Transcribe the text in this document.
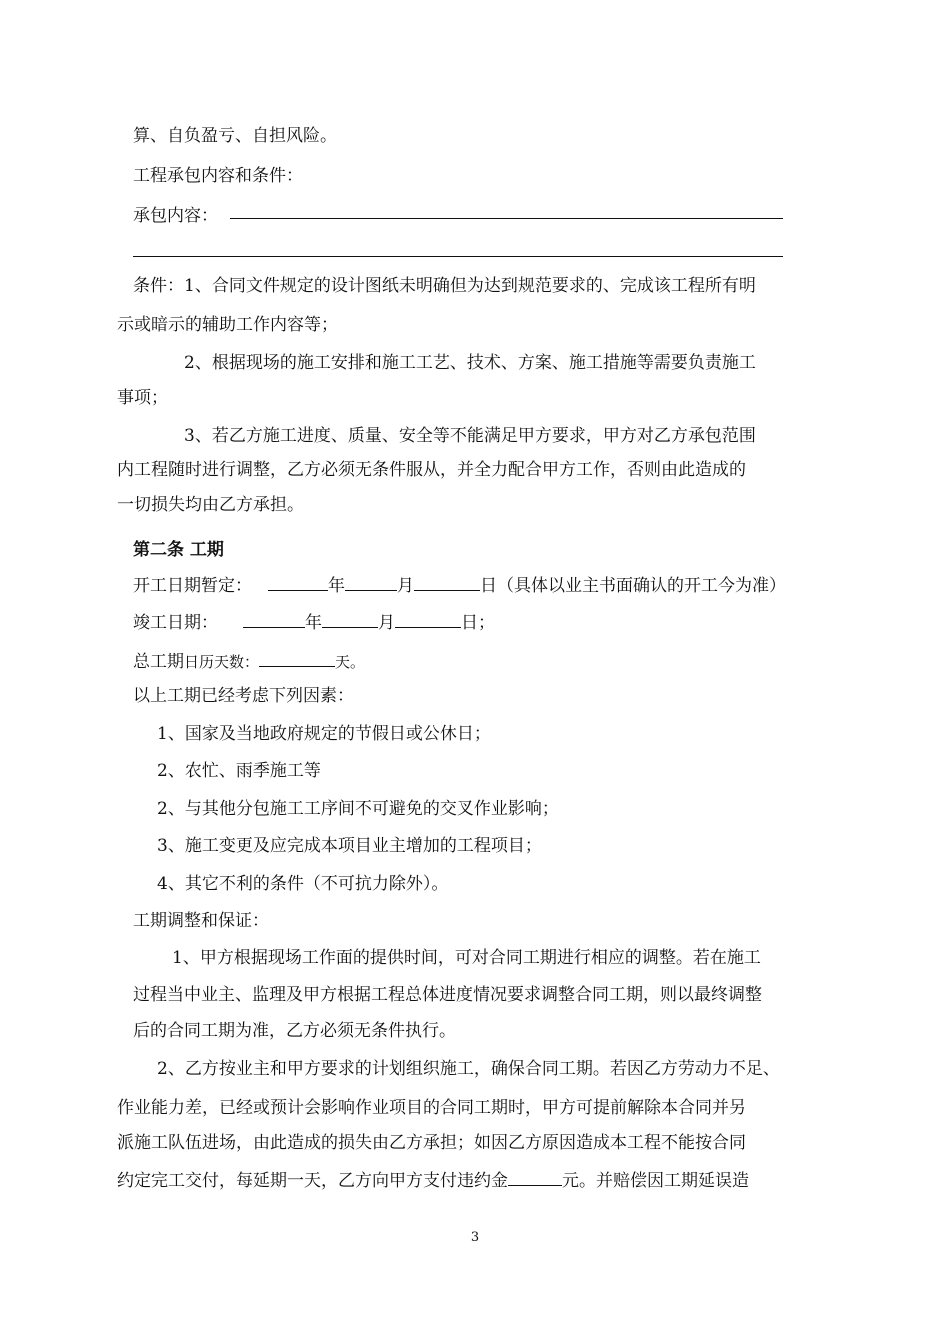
算、自负盈亏、自担风险。
工程承包内容和条件：
承包内容：
条件：1、合同文件规定的设计图纸未明确但为达到规范要求的、完成该工程所有明
示或暗示的辅助工作内容等；
2、根据现场的施工安排和施工工艺、技术、方案、施工措施等需要负责施工
事项；
3、若乙方施工进度、质量、安全等不能满足甲方要求，甲方对乙方承包范围
内工程随时进行调整，乙方必须无条件服从，并全力配合甲方工作，否则由此造成的
一切损失均由乙方承担。
第二条 工期
开工日期暂定：	年	月	日（具体以业主书面确认的开工今为准）
竣工日期：	年	月	日；
总工期日历天数：	天。
以上工期已经考虑下列因素：
1、国家及当地政府规定的节假日或公休日；
2、农忙、雨季施工等
2、与其他分包施工工序间不可避免的交叉作业影响；
3、施工变更及应完成本项目业主增加的工程项目；
4、其它不利的条件（不可抗力除外）。
工期调整和保证：
1、甲方根据现场工作面的提供时间，可对合同工期进行相应的调整。若在施工
过程当中业主、监理及甲方根据工程总体进度情况要求调整合同工期，则以最终调整
后的合同工期为准，乙方必须无条件执行。
2、乙方按业主和甲方要求的计划组织施工，确保合同工期。若因乙方劳动力不足、
作业能力差，已经或预计会影响作业项目的合同工期时，甲方可提前解除本合同并另
派施工队伍进场，由此造成的损失由乙方承担；如因乙方原因造成本工程不能按合同
约定完工交付，每延期一天，乙方向甲方支付违约金	元。并赔偿因工期延误造
3
